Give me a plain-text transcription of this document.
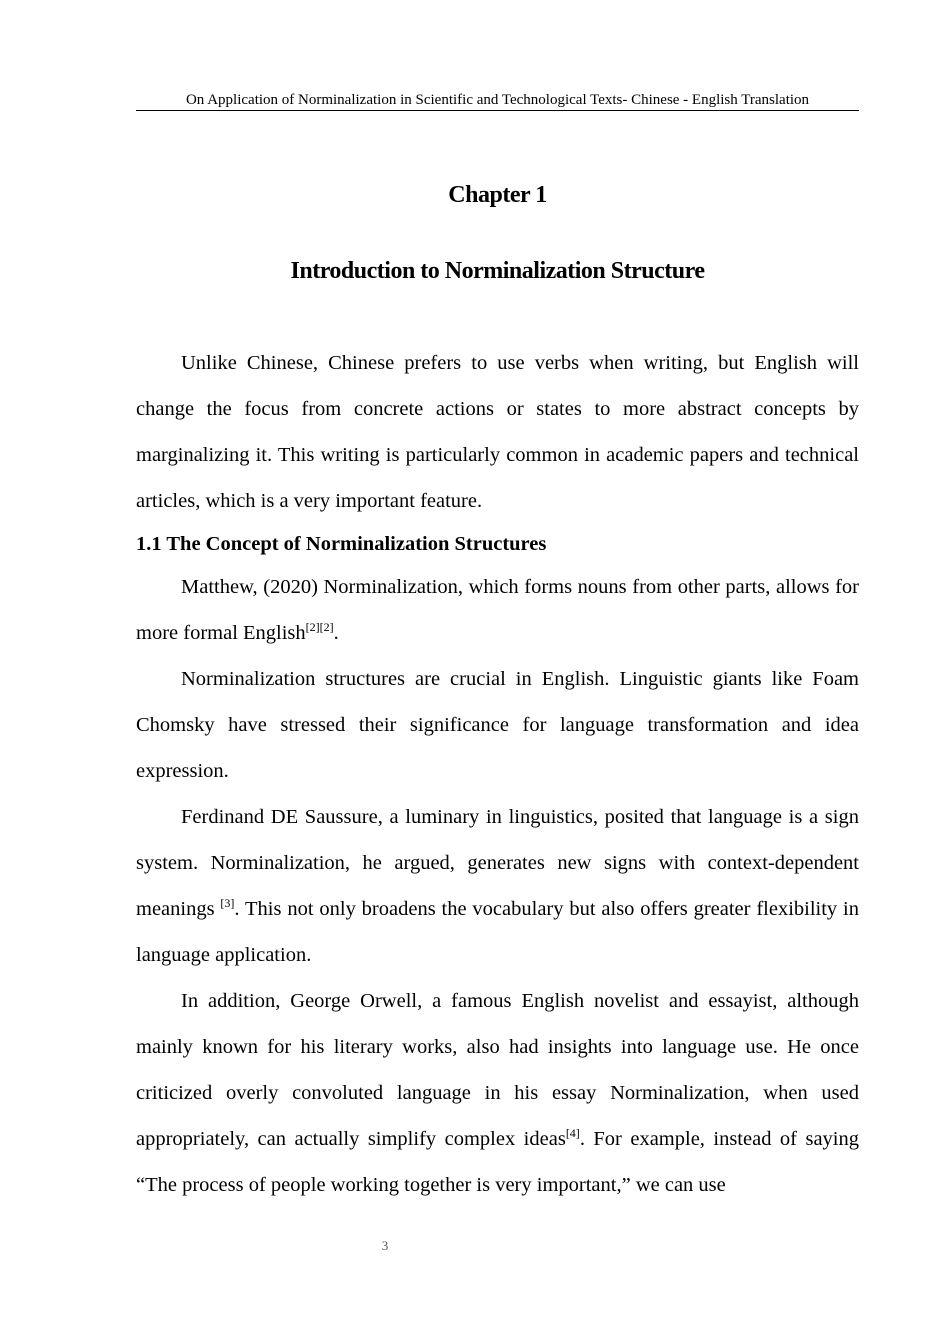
On Application of Norminalization in Scientific and Technological Texts- Chinese - English Translation
Chapter 1
Introduction to Norminalization Structure

Unlike Chinese, Chinese prefers to use verbs when writing, but English will change the focus from concrete actions or states to more abstract concepts by marginalizing it. This writing is particularly common in academic papers and technical articles, which is a very important feature.

1.1 The Concept of Norminalization Structures

Matthew, (2020) Norminalization, which forms nouns from other parts, allows for more formal English[2][2].

Norminalization structures are crucial in English. Linguistic giants like Foam Chomsky have stressed their significance for language transformation and idea expression.

Ferdinand DE Saussure, a luminary in linguistics, posited that language is a sign system. Norminalization, he argued, generates new signs with context-dependent meanings [3]. This not only broadens the vocabulary but also offers greater flexibility in language application.

In addition, George Orwell, a famous English novelist and essayist, although mainly known for his literary works, also had insights into language use. He once criticized overly convoluted language in his essay Norminalization, when used appropriately, can actually simplify complex ideas[4]. For example, instead of saying “The process of people working together is very important,” we can use

3
